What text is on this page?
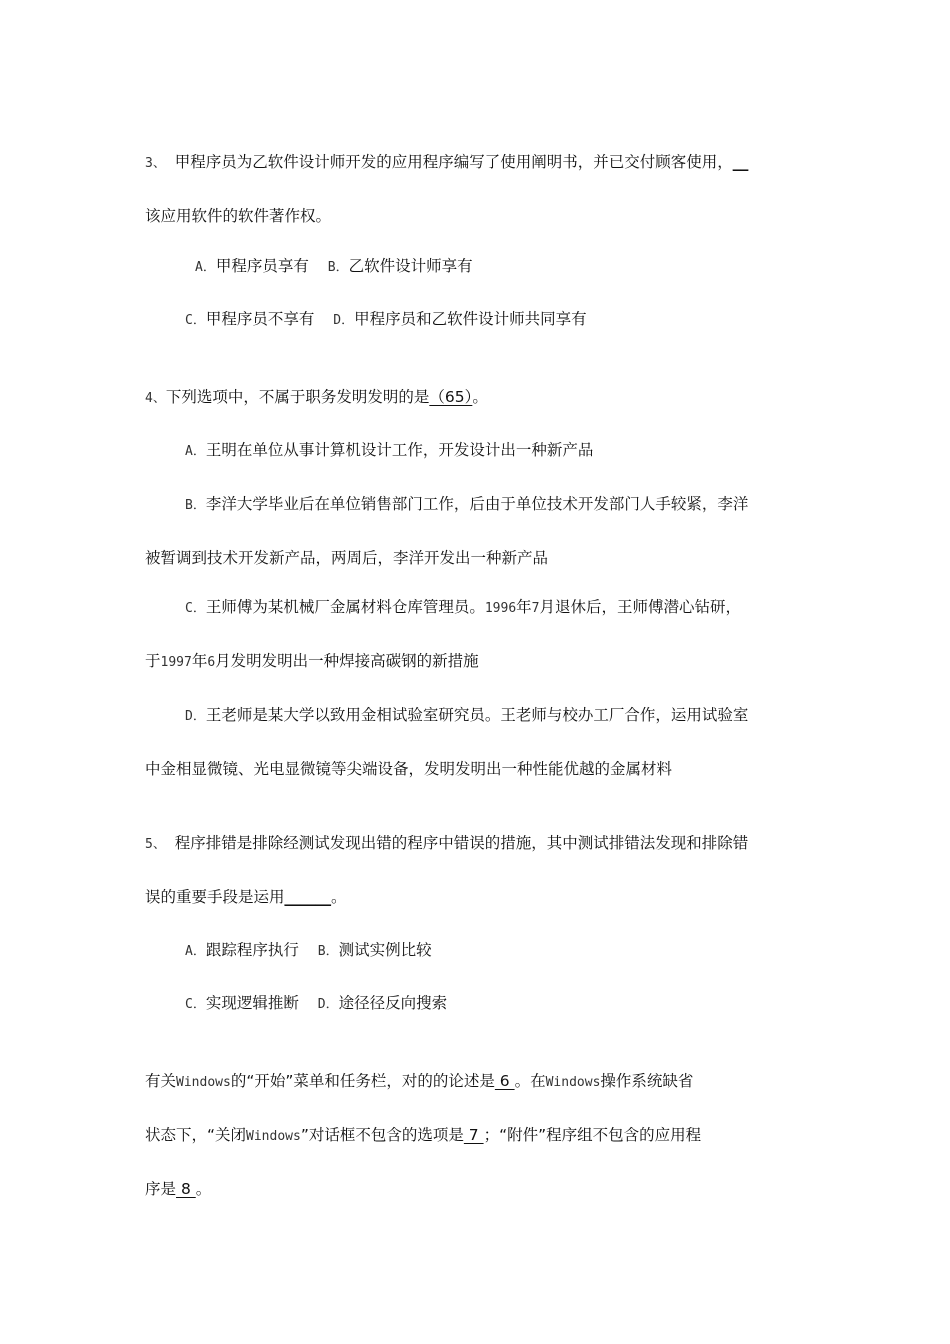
3、 甲程序员为乙软件设计师开发的应用程序编写了使用阐明书，并已交付顾客使用，__
该应用软件的软件著作权。
A．甲程序员享有 B．乙软件设计师享有
C．甲程序员不享有 D．甲程序员和乙软件设计师共同享有
4、下列选项中，不属于职务发明发明的是（65）。
A．王明在单位从事计算机设计工作，开发设计出一种新产品
B．李洋大学毕业后在单位销售部门工作，后由于单位技术开发部门人手较紧，李洋
被暂调到技术开发新产品，两周后，李洋开发出一种新产品
C．王师傅为某机械厂金属材料仓库管理员。1996年7月退休后，王师傅潜心钻研，
于1997年6月发明发明出一种焊接高碳钢的新措施
D．王老师是某大学以致用金相试验室研究员。王老师与校办工厂合作，运用试验室
中金相显微镜、光电显微镜等尖端设备，发明发明出一种性能优越的金属材料
5、 程序排错是排除经测试发现出错的程序中错误的措施，其中测试排错法发现和排除错
误的重要手段是运用______。
A．跟踪程序执行 B．测试实例比较
C．实现逻辑推断 D．途径径反向搜索
有关Windows的“开始”菜单和任务栏，对的的论述是 6 。在Windows操作系统缺省
状态下，“关闭Windows”对话框不包含的选项是 7 ；“附件”程序组不包含的应用程
序是 8 。
